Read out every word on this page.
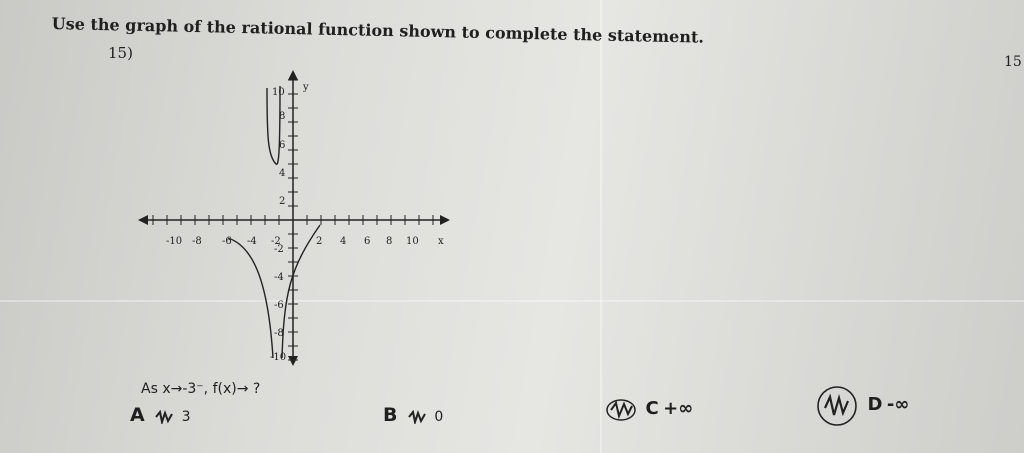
Use the graph of the rational function shown to complete the statement.
15)	15
-10 -8 -6 -4 -2	2 4 6 8 10 x
y
10
8
6
4
2
-2
-4
-6
-8
-10
As x→-3⁻, f(x)→ ?
A	3	B	0	C +∞	D -∞
